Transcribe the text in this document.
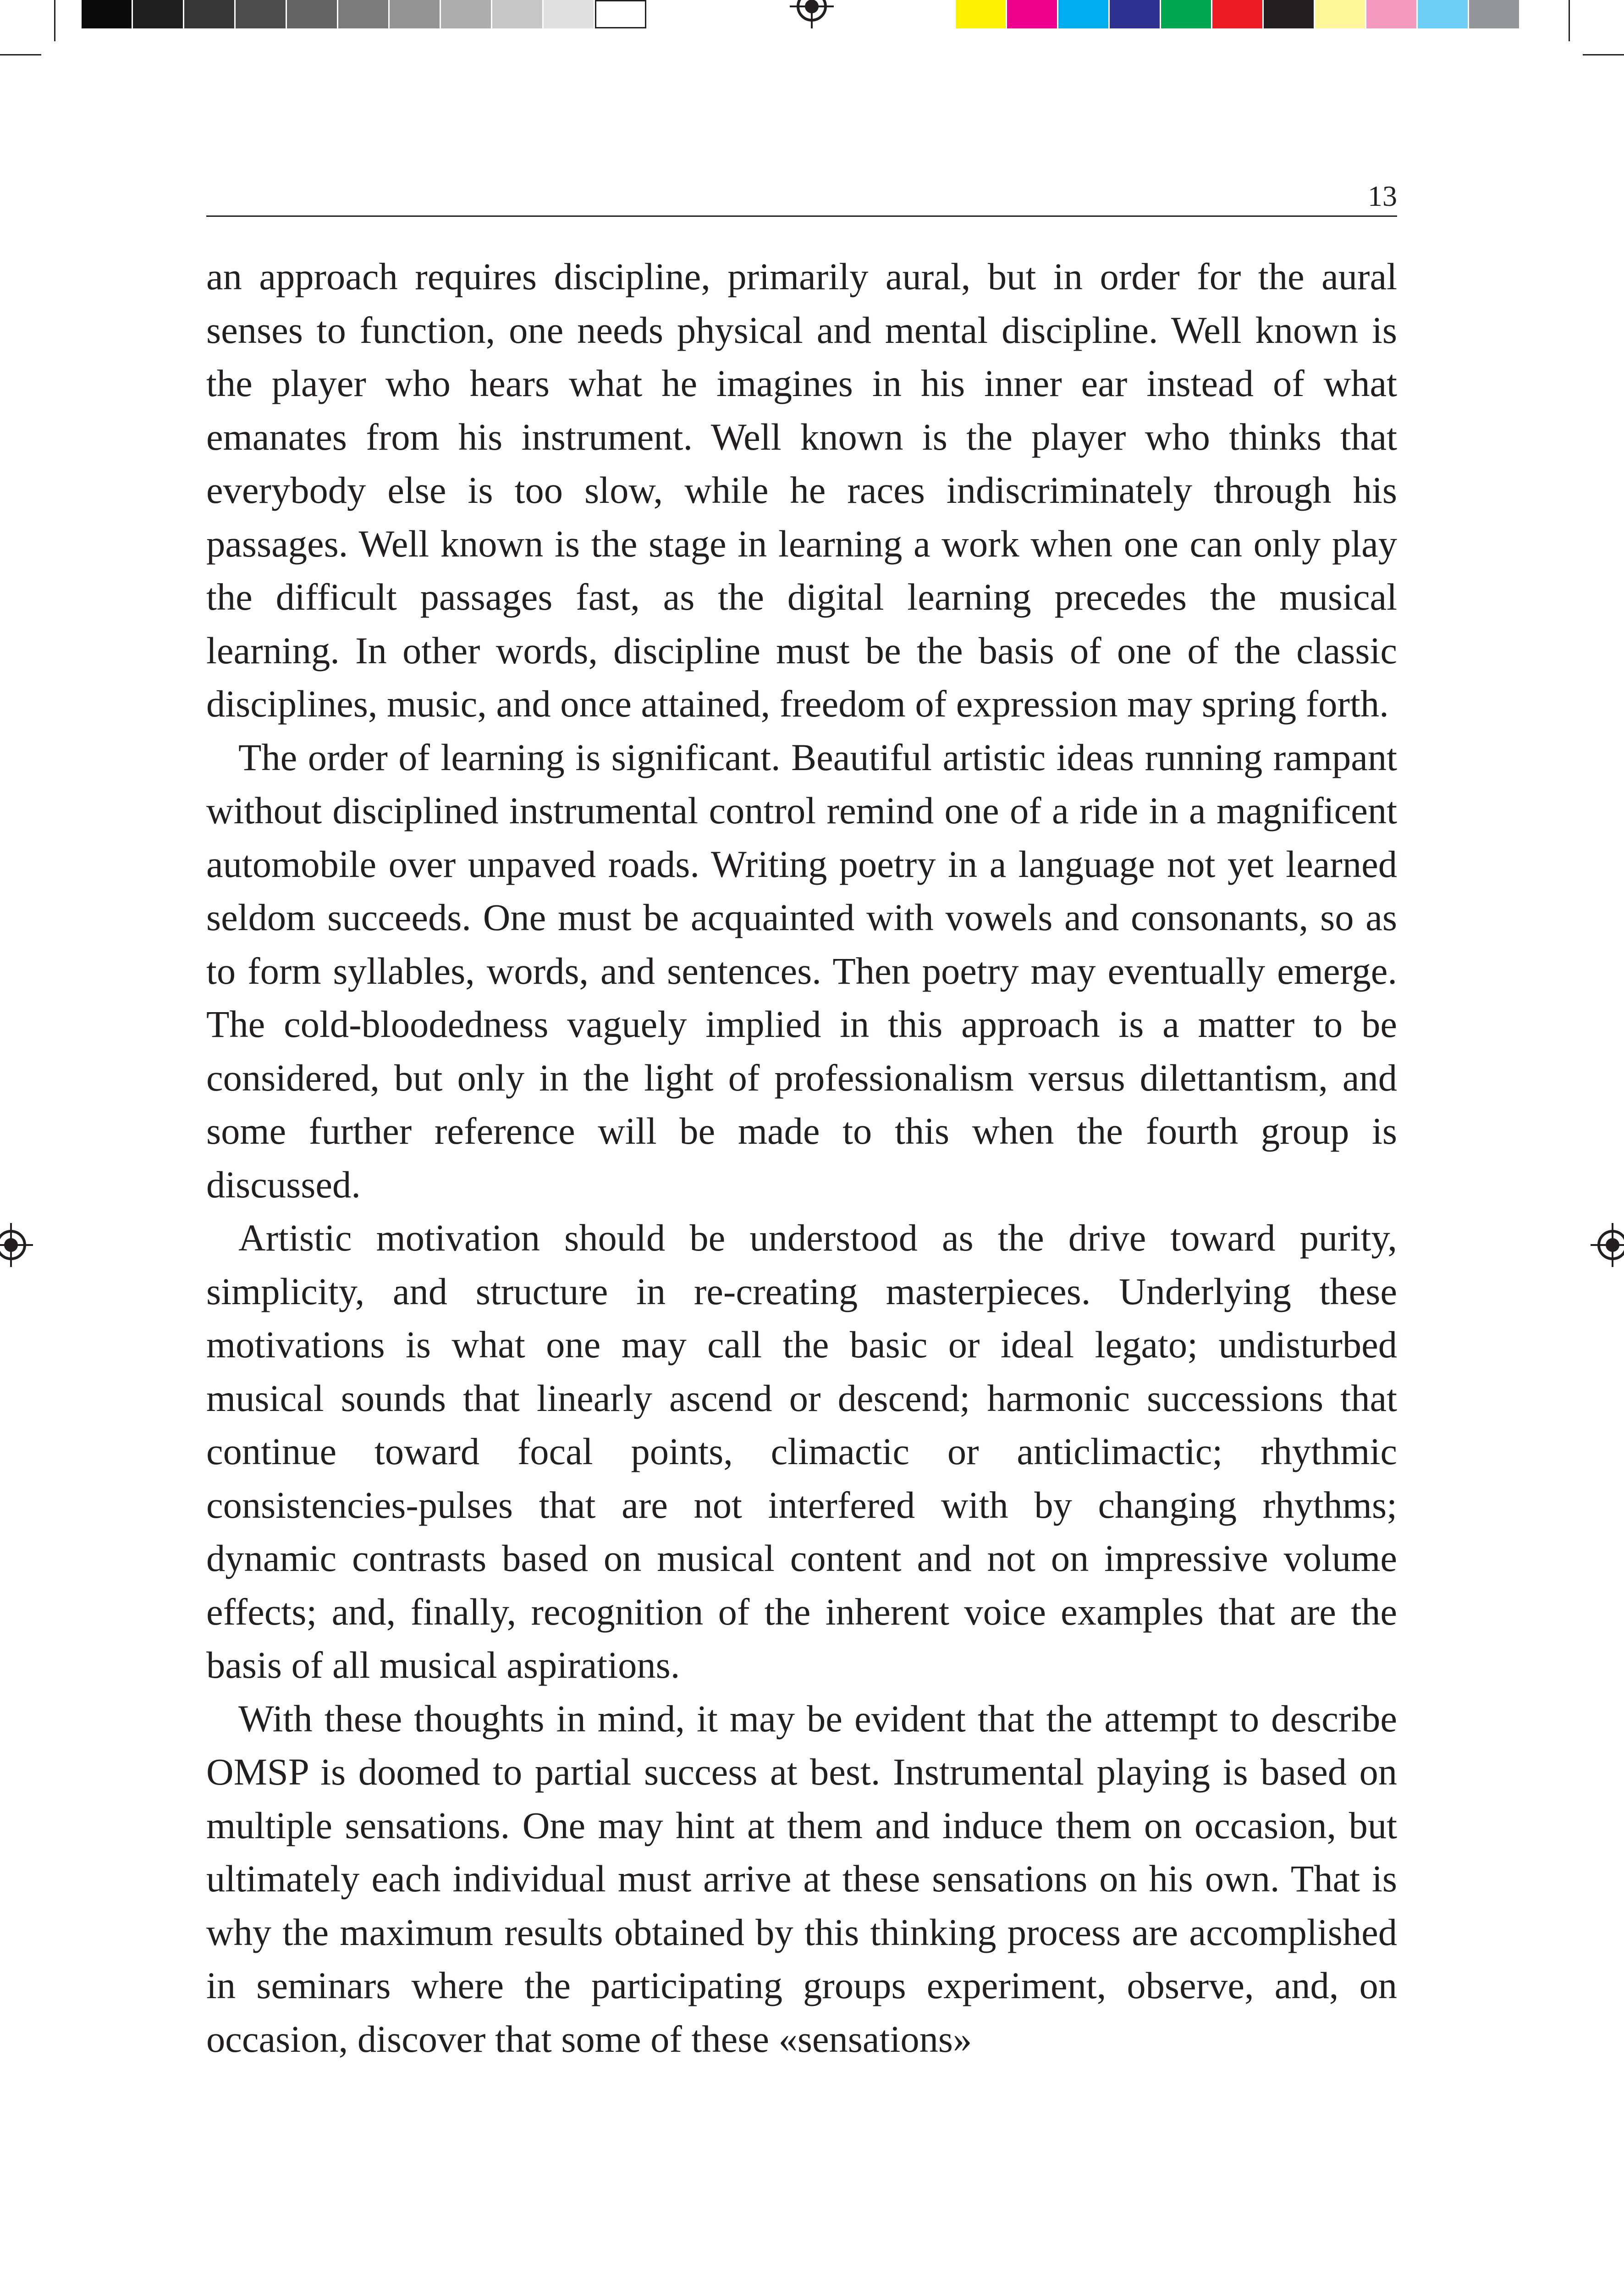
13

an approach requires discipline, primarily aural, but in order for the aural senses to function, one needs physical and mental discipline. Well known is the player who hears what he imagines in his inner ear instead of what emanates from his instrument. Well known is the player who thinks that everybody else is too slow, while he races indiscriminately through his passages. Well known is the stage in learning a work when one can only play the difficult passages fast, as the digital learning precedes the musical learning. In other words, discipline must be the basis of one of the classic disciplines, music, and once attained, freedom of expression may spring forth.

The order of learning is significant. Beautiful artistic ideas running rampant without disciplined instrumental control remind one of a ride in a magnificent automobile over unpaved roads. Writing poetry in a language not yet learned seldom succeeds. One must be acquainted with vowels and consonants, so as to form syllables, words, and sentences. Then poetry may eventually emerge. The cold-bloodedness vaguely implied in this approach is a matter to be considered, but only in the light of professionalism versus dilettantism, and some further reference will be made to this when the fourth group is discussed.

Artistic motivation should be understood as the drive toward purity, simplicity, and structure in re-creating masterpieces. Underlying these motivations is what one may call the basic or ideal legato; undisturbed musical sounds that linearly ascend or descend; harmonic successions that continue toward focal points, climactic or anticlimactic; rhythmic consistencies-pulses that are not interfered with by changing rhythms; dynamic contrasts based on musical content and not on impressive volume effects; and, finally, recognition of the inherent voice examples that are the basis of all musical aspirations.

With these thoughts in mind, it may be evident that the attempt to describe OMSP is doomed to partial success at best. Instrumental playing is based on multiple sensations. One may hint at them and induce them on occasion, but ultimately each individual must arrive at these sensations on his own. That is why the maximum results obtained by this thinking process are accomplished in seminars where the participating groups experiment, observe, and, on occasion, discover that some of these «sensations»
